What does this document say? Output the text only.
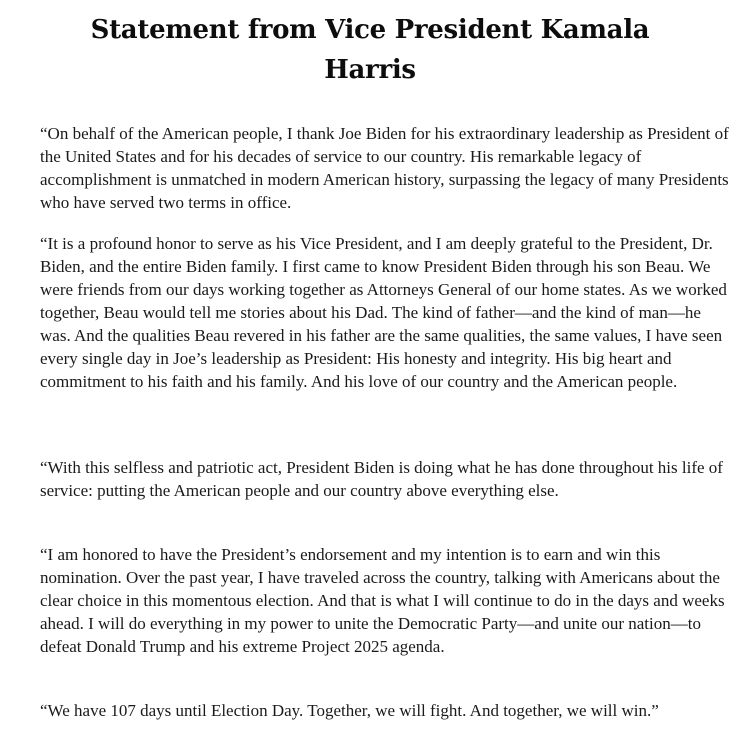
Statement from Vice President Kamala Harris

“On behalf of the American people, I thank Joe Biden for his extraordinary leadership as President of the United States and for his decades of service to our country. His remarkable legacy of accomplishment is unmatched in modern American history, surpassing the legacy of many Presidents who have served two terms in office.

“It is a profound honor to serve as his Vice President, and I am deeply grateful to the President, Dr. Biden, and the entire Biden family. I first came to know President Biden through his son Beau. We were friends from our days working together as Attorneys General of our home states. As we worked together, Beau would tell me stories about his Dad. The kind of father—and the kind of man—he was. And the qualities Beau revered in his father are the same qualities, the same values, I have seen every single day in Joe’s leadership as President: His honesty and integrity. His big heart and commitment to his faith and his family. And his love of our country and the American people.

“With this selfless and patriotic act, President Biden is doing what he has done throughout his life of service: putting the American people and our country above everything else.

“I am honored to have the President’s endorsement and my intention is to earn and win this nomination. Over the past year, I have traveled across the country, talking with Americans about the clear choice in this momentous election. And that is what I will continue to do in the days and weeks ahead. I will do everything in my power to unite the Democratic Party—and unite our nation—to defeat Donald Trump and his extreme Project 2025 agenda.

“We have 107 days until Election Day. Together, we will fight. And together, we will win.”
